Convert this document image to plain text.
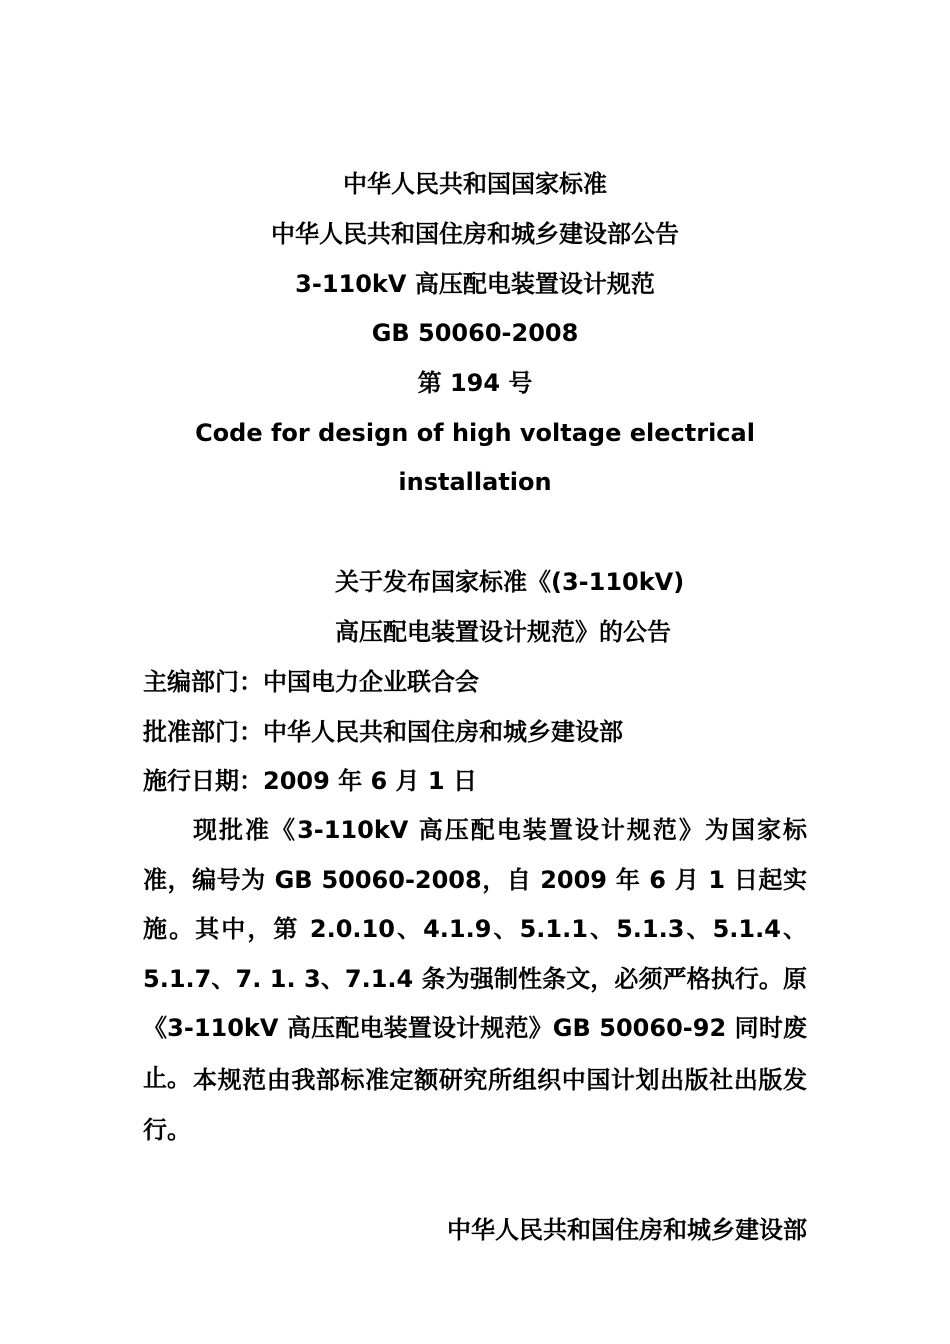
中华人民共和国国家标准
中华人民共和国住房和城乡建设部公告
3-110kV 高压配电装置设计规范
GB 50060-2008
第 194 号
Code for design of high voltage electrical
installation
关于发布国家标准《(3-110kV)
高压配电装置设计规范》的公告
主编部门：中国电力企业联合会
批准部门：中华人民共和国住房和城乡建设部
施行日期：2009 年 6 月 1 日
现批准《3-110kV 高压配电装置设计规范》为国家标准，编号为 GB 50060-2008，自 2009 年 6 月 1 日起实施。其中，第 2.0.10、4.1.9、5.1.1、5.1.3、5.1.4、5.1.7、7. 1. 3、7.1.4 条为强制性条文，必须严格执行。原《3-110kV 高压配电装置设计规范》GB 50060-92 同时废止。 本规范由我部标准定额研究所组织中国计划出版社出版发行。
中华人民共和国住房和城乡建设部
